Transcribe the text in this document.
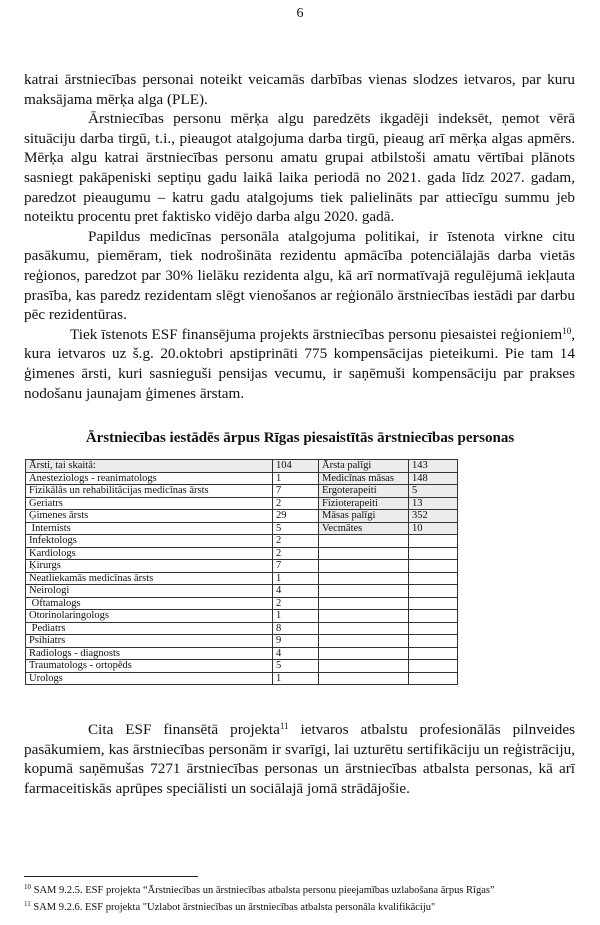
6

katrai ārstniecības personai noteikt veicamās darbības vienas slodzes ietvaros, par kuru maksājama mērķa alga (PLE).

Ārstniecības personu mērķa algu paredzēts ikgadēji indeksēt, ņemot vērā situāciju darba tirgū, t.i., pieaugot atalgojuma darba tirgū, pieaug arī mērķa algas apmērs. Mērķa algu katrai ārstniecības personu amatu grupai atbilstoši amatu vērtībai plānots sasniegt pakāpeniski septiņu gadu laikā laika periodā no 2021. gada līdz 2027. gadam, paredzot pieaugumu – katru gadu atalgojums tiek palielināts par attiecīgu summu jeb noteiktu procentu pret faktisko vidējo darba algu 2020. gadā.

Papildus medicīnas personāla atalgojuma politikai, ir īstenota virkne citu pasākumu, piemēram, tiek nodrošināta rezidentu apmācība potenciālajās darba vietās reģionos, paredzot par 30% lielāku rezidenta algu, kā arī normatīvajā regulējumā iekļauta prasība, kas paredz rezidentam slēgt vienošanos ar reģionālo ārstniecības iestādi par darbu pēc rezidentūras.

Tiek īstenots ESF finansējuma projekts ārstniecības personu piesaistei reģioniem$^{10}$, kura ietvaros uz š.g. 20.oktobri apstiprināti 775 kompensācijas pieteikumi. Pie tam 14 ģimenes ārsti, kuri sasnieguši pensijas vecumu, ir saņēmuši kompensāciju par prakses nodošanu jaunajam ģimenes ārstam.

Ārstniecības iestādēs ārpus Rīgas piesaistītās ārstniecības personas
Ārsti, tai skaitā:	104	Ārsta palīgi	143
Anesteziologs - reanimatologs	1	Medicīnas māsas	148
Fizikālās un rehabilitācijas medicīnas ārsts	7	Ergoterapeiti	5
Geriatrs	2	Fizioterapeiti	13
Ģimenes ārsts	29	Māsas palīgi	352
Internists	5	Vecmātes	10
Infektologs	2		
Kardiologs	2		
Ķirurgs	7		
Neatliekamās medicīnas ārsts	1		
Neirologi	4		
Oftamalogs	2		
Otorinolaringologs	1		
Pediatrs	8		
Psihiatrs	9		
Radiologs - diagnosts	4		
Traumatologs - ortopēds	5		
Urologs	1		

Cita ESF finansētā projekta$^{11}$ ietvaros atbalstu profesionālās pilnveides pasākumiem, kas ārstniecības personām ir svarīgi, lai uzturētu sertifikāciju un reģistrāciju, kopumā saņēmušas 7271 ārstniecības personas un ārstniecības atbalsta personas, kā arī farmaceitiskās aprūpes speciālisti un sociālajā jomā strādājošie.

$^{10}$ SAM 9.2.5. ESF projekta “Ārstniecības un ārstniecības atbalsta personu pieejamības uzlabošana ārpus Rīgas”
$^{11}$ SAM 9.2.6. ESF projekta "Uzlabot ārstniecības un ārstniecības atbalsta personāla kvalifikāciju"
